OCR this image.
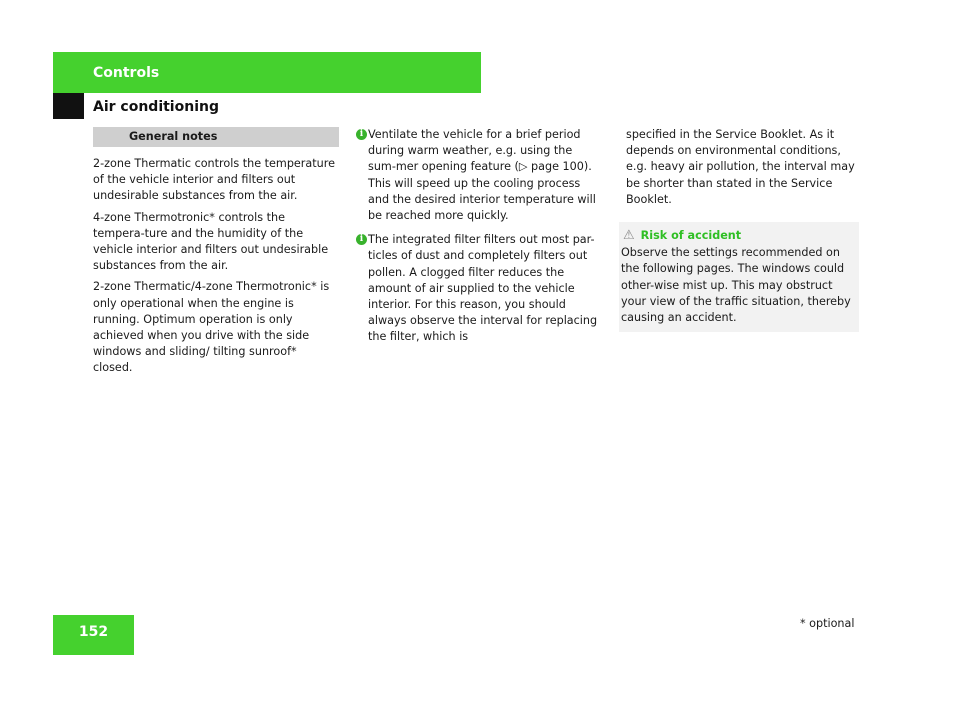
Controls
Air conditioning
General notes

2-zone Thermatic controls the temperature of the vehicle interior and filters out undesirable substances from the air.

4-zone Thermotronic* controls the tempera-ture and the humidity of the vehicle interior and filters out undesirable substances from the air.

2-zone Thermatic/4-zone Thermotronic* is only operational when the engine is running. Optimum operation is only achieved when you drive with the side windows and sliding/ tilting sunroof* closed.

i Ventilate the vehicle for a brief period during warm weather, e.g. using the sum-mer opening feature (▷ page 100). This will speed up the cooling process and the desired interior temperature will be reached more quickly.
i The integrated filter filters out most par-ticles of dust and completely filters out pollen. A clogged filter reduces the amount of air supplied to the vehicle interior. For this reason, you should always observe the interval for replacing the filter, which is
specified in the Service Booklet. As it depends on environmental conditions, e.g. heavy air pollution, the interval may be shorter than stated in the Service Booklet.
⚠ Risk of accident
Observe the settings recommended on the following pages. The windows could other-wise mist up. This may obstruct your view of the traffic situation, thereby causing an accident.
152
* optional
